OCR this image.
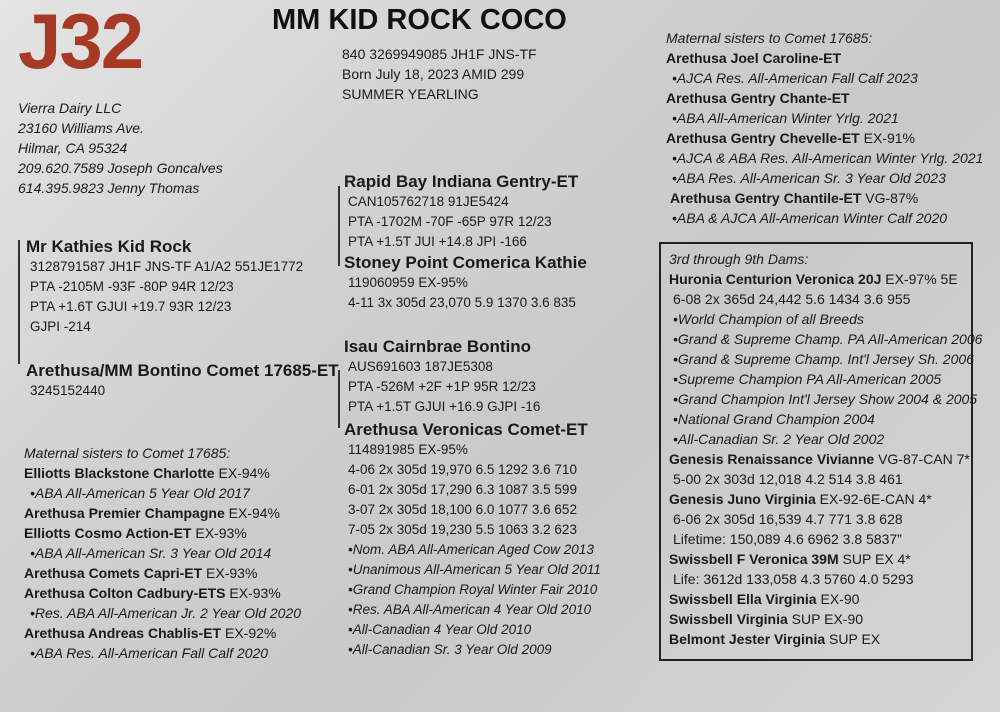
J32	MM KID ROCK COCO
840 3269949085 JH1F JNS-TF
Born July 18, 2023 AMID 299
SUMMER YEARLING
Vierra Dairy LLC
23160 Williams Ave.
Hilmar, CA 95324
209.620.7589 Joseph Goncalves
614.395.9823 Jenny Thomas
Mr Kathies Kid Rock
3128791587 JH1F JNS-TF A1/A2 551JE1772
PTA -2105M -93F -80P 94R 12/23
PTA +1.6T GJUI +19.7 93R 12/23
GJPI -214
Arethusa/MM Bontino Comet 17685-ET
3245152440
Rapid Bay Indiana Gentry-ET
CAN105762718 91JE5424
PTA -1702M -70F -65P 97R 12/23
PTA +1.5T JUI +14.8 JPI -166
Stoney Point Comerica Kathie
119060959 EX-95%
4-11 3x 305d 23,070 5.9 1370 3.6 835
Isau Cairnbrae Bontino
AUS691603 187JE5308
PTA -526M +2F +1P 95R 12/23
PTA +1.5T GJUI +16.9 GJPI -16
Arethusa Veronicas Comet-ET
114891985 EX-95%
4-06 2x 305d 19,970 6.5 1292 3.6 710
6-01 2x 305d 17,290 6.3 1087 3.5 599
3-07 2x 305d 18,100 6.0 1077 3.6 652
7-05 2x 305d 19,230 5.5 1063 3.2 623
•Nom. ABA All-American Aged Cow 2013
•Unanimous All-American 5 Year Old 2011
•Grand Champion Royal Winter Fair 2010
•Res. ABA All-American 4 Year Old 2010
•All-Canadian 4 Year Old 2010
•All-Canadian Sr. 3 Year Old 2009
Maternal sisters to Comet 17685:
Elliotts Blackstone Charlotte EX-94%
•ABA All-American 5 Year Old 2017
Arethusa Premier Champagne EX-94%
Elliotts Cosmo Action-ET EX-93%
•ABA All-American Sr. 3 Year Old 2014
Arethusa Comets Capri-ET EX-93%
Arethusa Colton Cadbury-ETS EX-93%
•Res. ABA All-American Jr. 2 Year Old 2020
Arethusa Andreas Chablis-ET EX-92%
•ABA Res. All-American Fall Calf 2020
Maternal sisters to Comet 17685:
Arethusa Joel Caroline-ET
•AJCA Res. All-American Fall Calf 2023
Arethusa Gentry Chante-ET
•ABA All-American Winter Yrlg. 2021
Arethusa Gentry Chevelle-ET EX-91%
•AJCA & ABA Res. All-American Winter Yrlg. 2021
•ABA Res. All-American Sr. 3 Year Old 2023
Arethusa Gentry Chantile-ET VG-87%
•ABA & AJCA All-American Winter Calf 2020
3rd through 9th Dams:
Huronia Centurion Veronica 20J EX-97% 5E
6-08 2x 365d 24,442 5.6 1434 3.6 955
•World Champion of all Breeds
•Grand & Supreme Champ. PA All-American 2006
•Grand & Supreme Champ. Int'l Jersey Sh. 2006
•Supreme Champion PA All-American 2005
•Grand Champion Int'l Jersey Show 2004 & 2005
•National Grand Champion 2004
•All-Canadian Sr. 2 Year Old 2002
Genesis Renaissance Vivianne VG-87-CAN 7*
5-00 2x 303d 12,018 4.2 514 3.8 461
Genesis Juno Virginia EX-92-6E-CAN 4*
6-06 2x 305d 16,539 4.7 771 3.8 628
Lifetime: 150,089 4.6 6962 3.8 5837”
Swissbell F Veronica 39M SUP EX 4*
Life: 3612d 133,058 4.3 5760 4.0 5293
Swissbell Ella Virginia EX-90
Swissbell Virginia SUP EX-90
Belmont Jester Virginia SUP EX
